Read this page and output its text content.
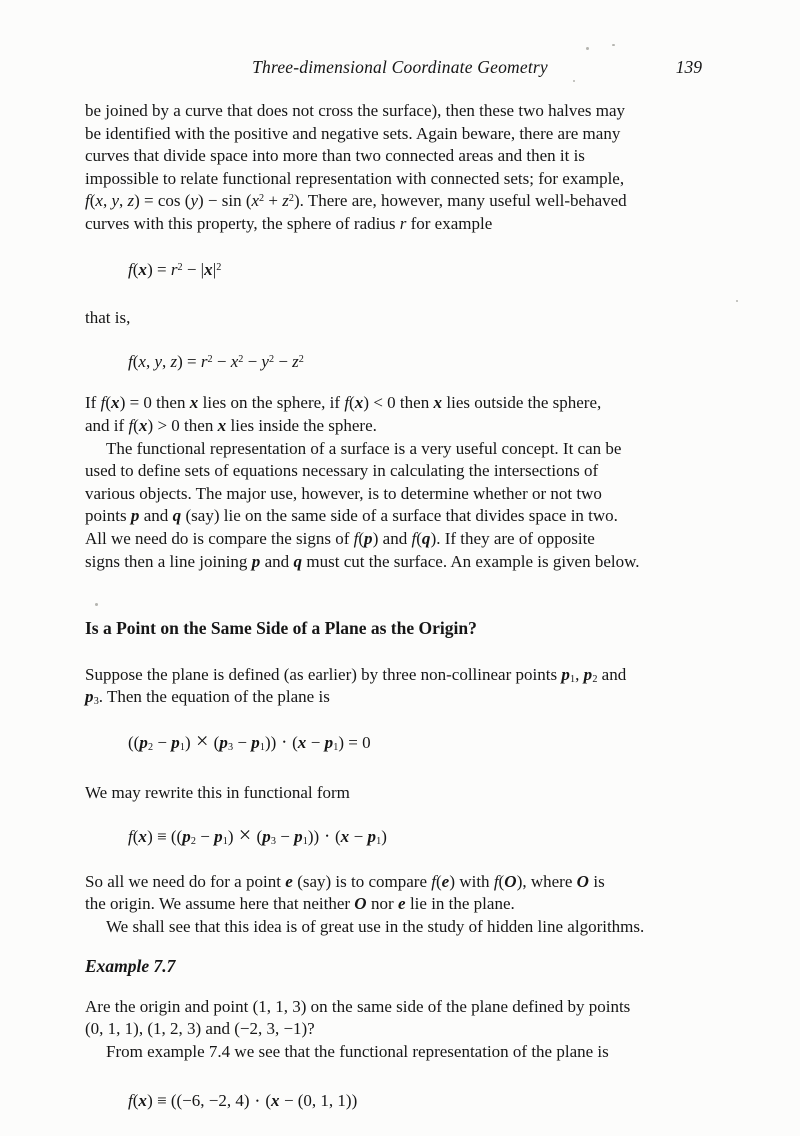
Three-dimensional Coordinate Geometry	139

be joined by a curve that does not cross the surface), then these two halves may
be identified with the positive and negative sets. Again beware, there are many
curves that divide space into more than two connected areas and then it is
impossible to relate functional representation with connected sets; for example,
f(x, y, $z) = \cos (y) - \sin (x^2 + z^2)$. There are, however, many useful well-behaved
curves with this property, the sphere of radius r for example

$f(x) = r^2 - |x|^2$

that is,

f(x, y, $z) = r^2 - x^2 - y^2 - z^2$

If f(x) = 0 then x lies on the sphere, if f(x) < 0 then x lies outside the sphere,
and if f(x) > 0 then x lies inside the sphere.

The functional representation of a surface is a very useful concept. It can be
used to define sets of equations necessary in calculating the intersections of
various objects. The major use, however, is to determine whether or not two
points p and q (say) lie on the same side of a surface that divides space in two.
All we need do is compare the signs of f(p) and f(q). If they are of opposite
signs then a line joining p and q must cut the surface. An example is given below.

Is a Point on the Same Side of a Plane as the Origin?

Suppose the plane is defined (as earlier) by three non-collinear points $p_1$, $p_2$ and
$p_3$. Then the equation of the plane is

$((p_2 - p_1) \times (p_3 - p_1))$ • $(x - p_1) = 0$

We may rewrite this in functional form

$f(x) \equiv ((p_2 - p_1) \times (p_3 - p_1))$ • $(x - p_1)$

So all we need do for a point e (say) is to compare f(e) with f(O), where O is
the origin. We assume here that neither O nor e lie in the plane.
We shall see that this idea is of great use in the study of hidden line algorithms.

Example 7.7

Are the origin and point (1, 1, 3) on the same side of the plane defined by points
(0, 1, 1), (1, 2, 3) and (−2, 3, −1)?
From example 7.4 we see that the functional representation of the plane is

f(x) ≡ ((−6, −2, 4) • (x − (0, 1, 1))
